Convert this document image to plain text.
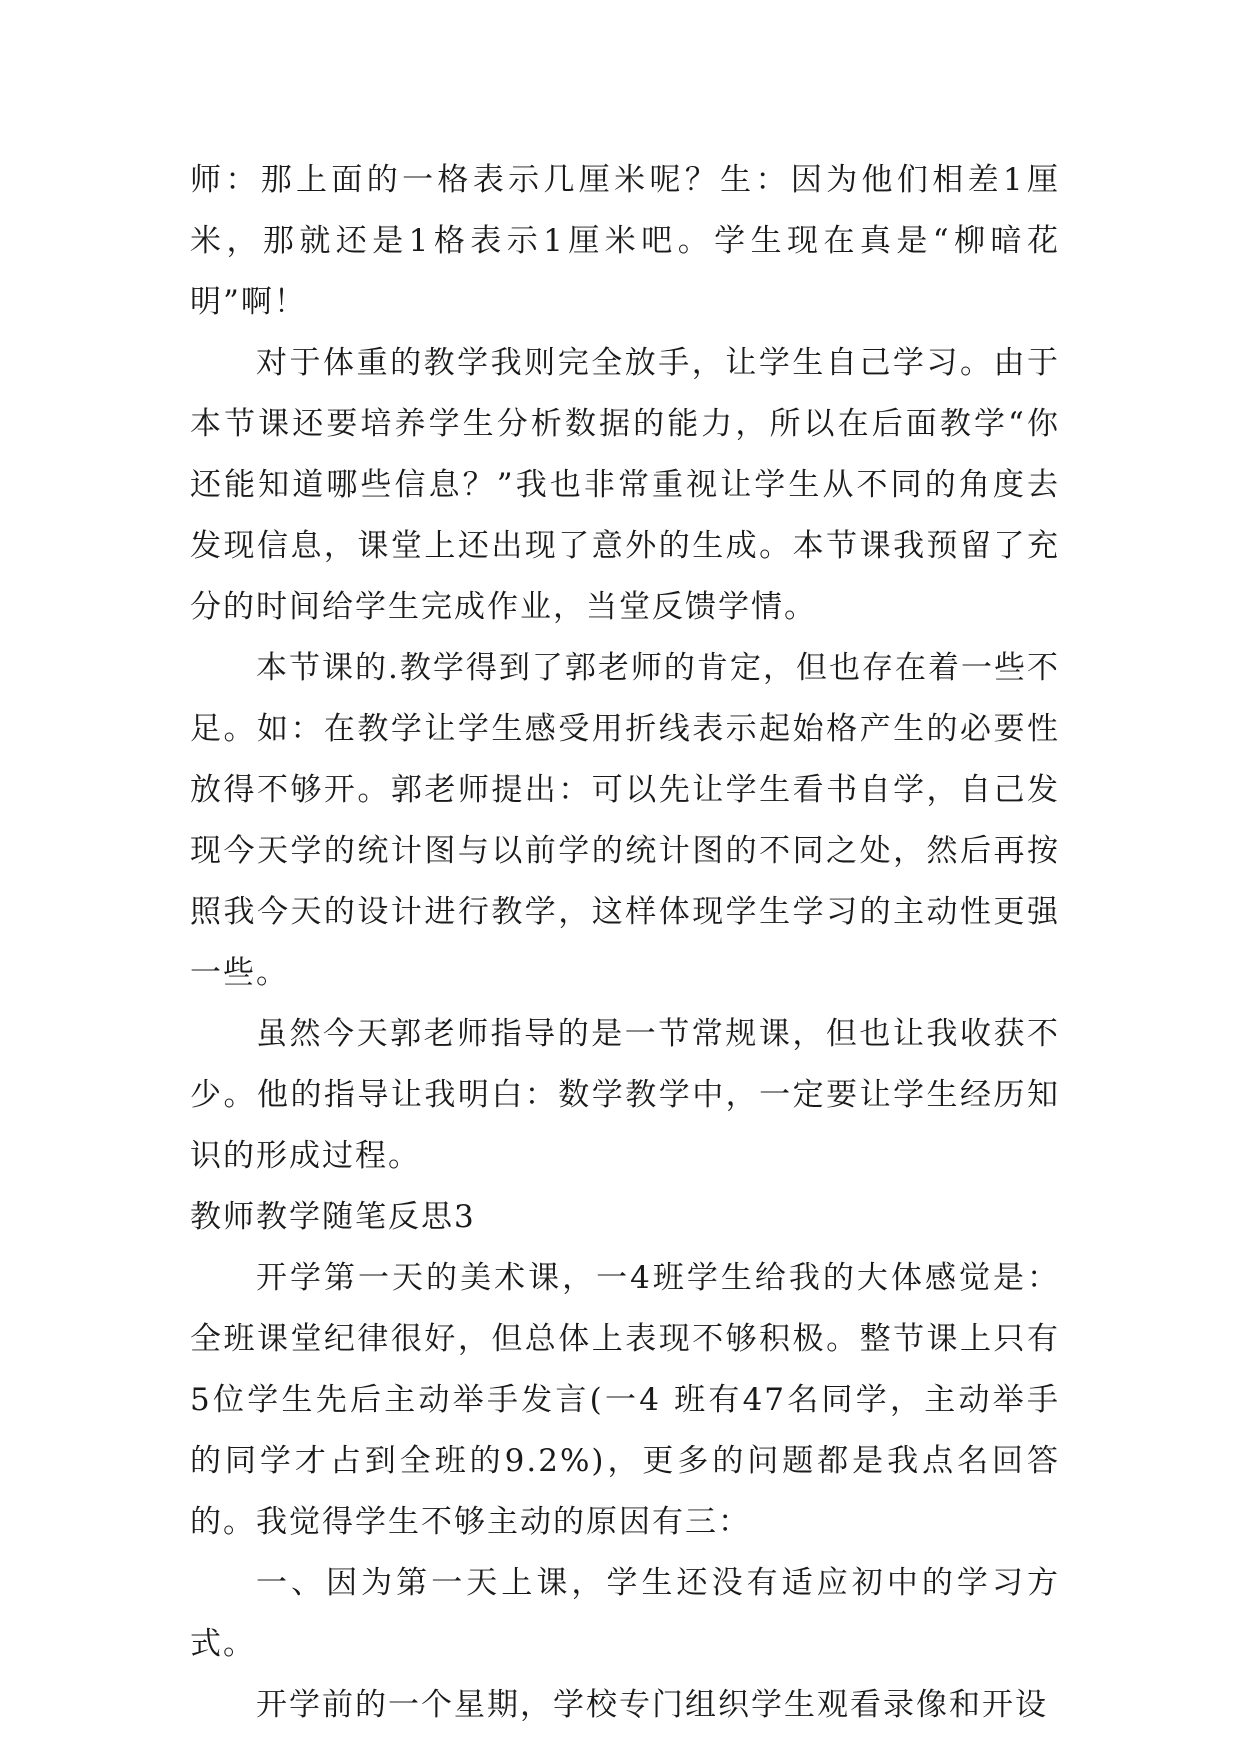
师：那上面的一格表示几厘米呢？生：因为他们相差1厘米，那就还是1格表示1厘米吧。学生现在真是“柳暗花明”啊！

对于体重的教学我则完全放手，让学生自己学习。由于本节课还要培养学生分析数据的能力，所以在后面教学“你还能知道哪些信息？”我也非常重视让学生从不同的角度去发现信息，课堂上还出现了意外的生成。本节课我预留了充分的时间给学生完成作业，当堂反馈学情。

本节课的.教学得到了郭老师的肯定，但也存在着一些不足。如：在教学让学生感受用折线表示起始格产生的必要性放得不够开。郭老师提出：可以先让学生看书自学，自己发现今天学的统计图与以前学的统计图的不同之处，然后再按照我今天的设计进行教学，这样体现学生学习的主动性更强一些。

虽然今天郭老师指导的是一节常规课，但也让我收获不少。他的指导让我明白：数学教学中，一定要让学生经历知识的形成过程。

教师教学随笔反思3

开学第一天的美术课，一4班学生给我的大体感觉是：全班课堂纪律很好，但总体上表现不够积极。整节课上只有5位学生先后主动举手发言(一4 班有47名同学，主动举手的同学才占到全班的9.2%)，更多的问题都是我点名回答的。我觉得学生不够主动的原因有三：

一、因为第一天上课，学生还没有适应初中的学习方式。

开学前的一个星期，学校专门组织学生观看录像和开设
